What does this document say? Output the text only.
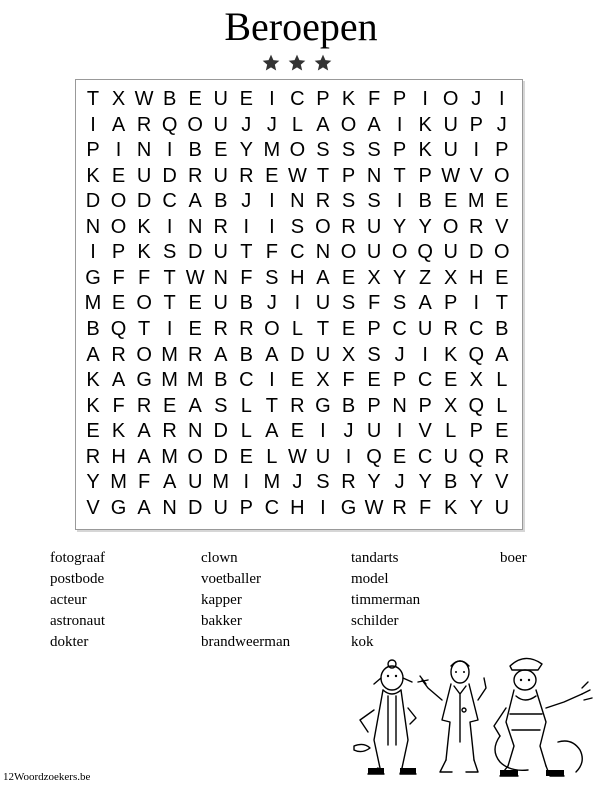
Beroepen
T X W B E U E I C P K F P I O J I
I A R Q O U J J L A O A I K U P J
P I N I B E Y M O S S S P K U I P
K E U D R U R E W T P N T P W V O
D O D C A B J I N R S S I B E M E
N O K I N R I I S O R U Y Y O R V
I P K S D U T F C N O U O Q U D O
G F F T W N F S H A E X Y Z X H E
M E O T E U B J I U S F S A P I T
B Q T I E R R O L T E P C U R C B
A R O M R A B A D U X S J I K Q A
K A G M M B C I E X F E P C E X L
K F R E A S L T R G B P N P X Q L
E K A R N D L A E I J U I V L P E
R H A M O D E L W U I Q E C U Q R
Y M F A U M I M J S R Y J Y B Y V
V G A N D U P C H I G W R F K Y U
fotograaf
postbode
acteur
astronaut
dokter
clown
voetballer
kapper
bakker
brandweerman
tandarts
model
timmerman
schilder
kok
boer
12Woordzoekers.be
